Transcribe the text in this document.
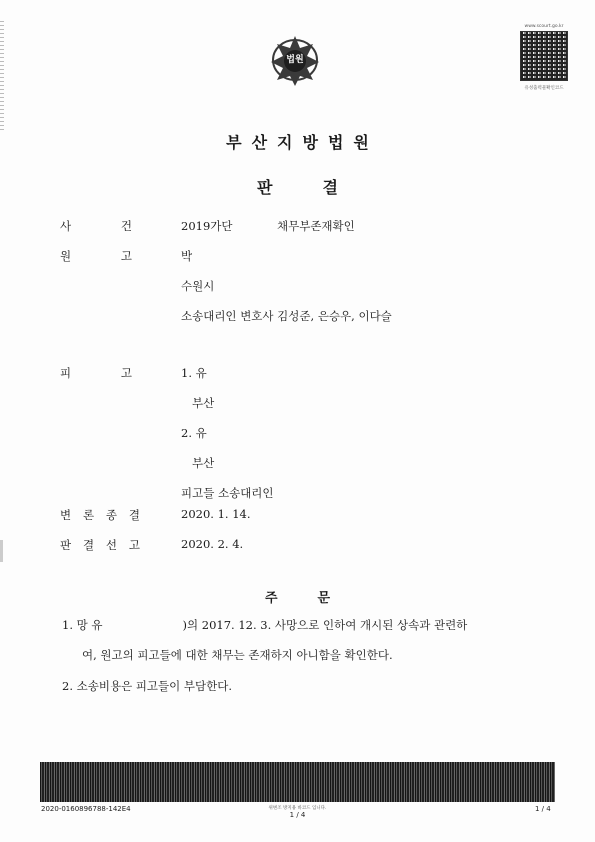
법원
www.scourt.go.kr
유성출력물확인코드
부산지방법원
판결
사	건	2019가단	채무부존재확인
원	고	박
수원시
소송대리인 변호사 김성준, 은승우, 이다슬
피	고	1. 유
부산
2. 유
부산
피고들 소송대리인
변 론 종 결	2020. 1. 14.
판 결 선 고	2020. 2. 4.
주문
1. 망 유	)의 2017. 12. 3. 사망으로 인하여 개시된 상속과 관련하
여, 원고의 피고들에 대한 채무는 존재하지 아니함을 확인한다.
2. 소송비용은 피고들이 부담한다.
2020-0160896788-142E4	위변조 방지용 바코드 입니다.
1 / 4
1 / 4
